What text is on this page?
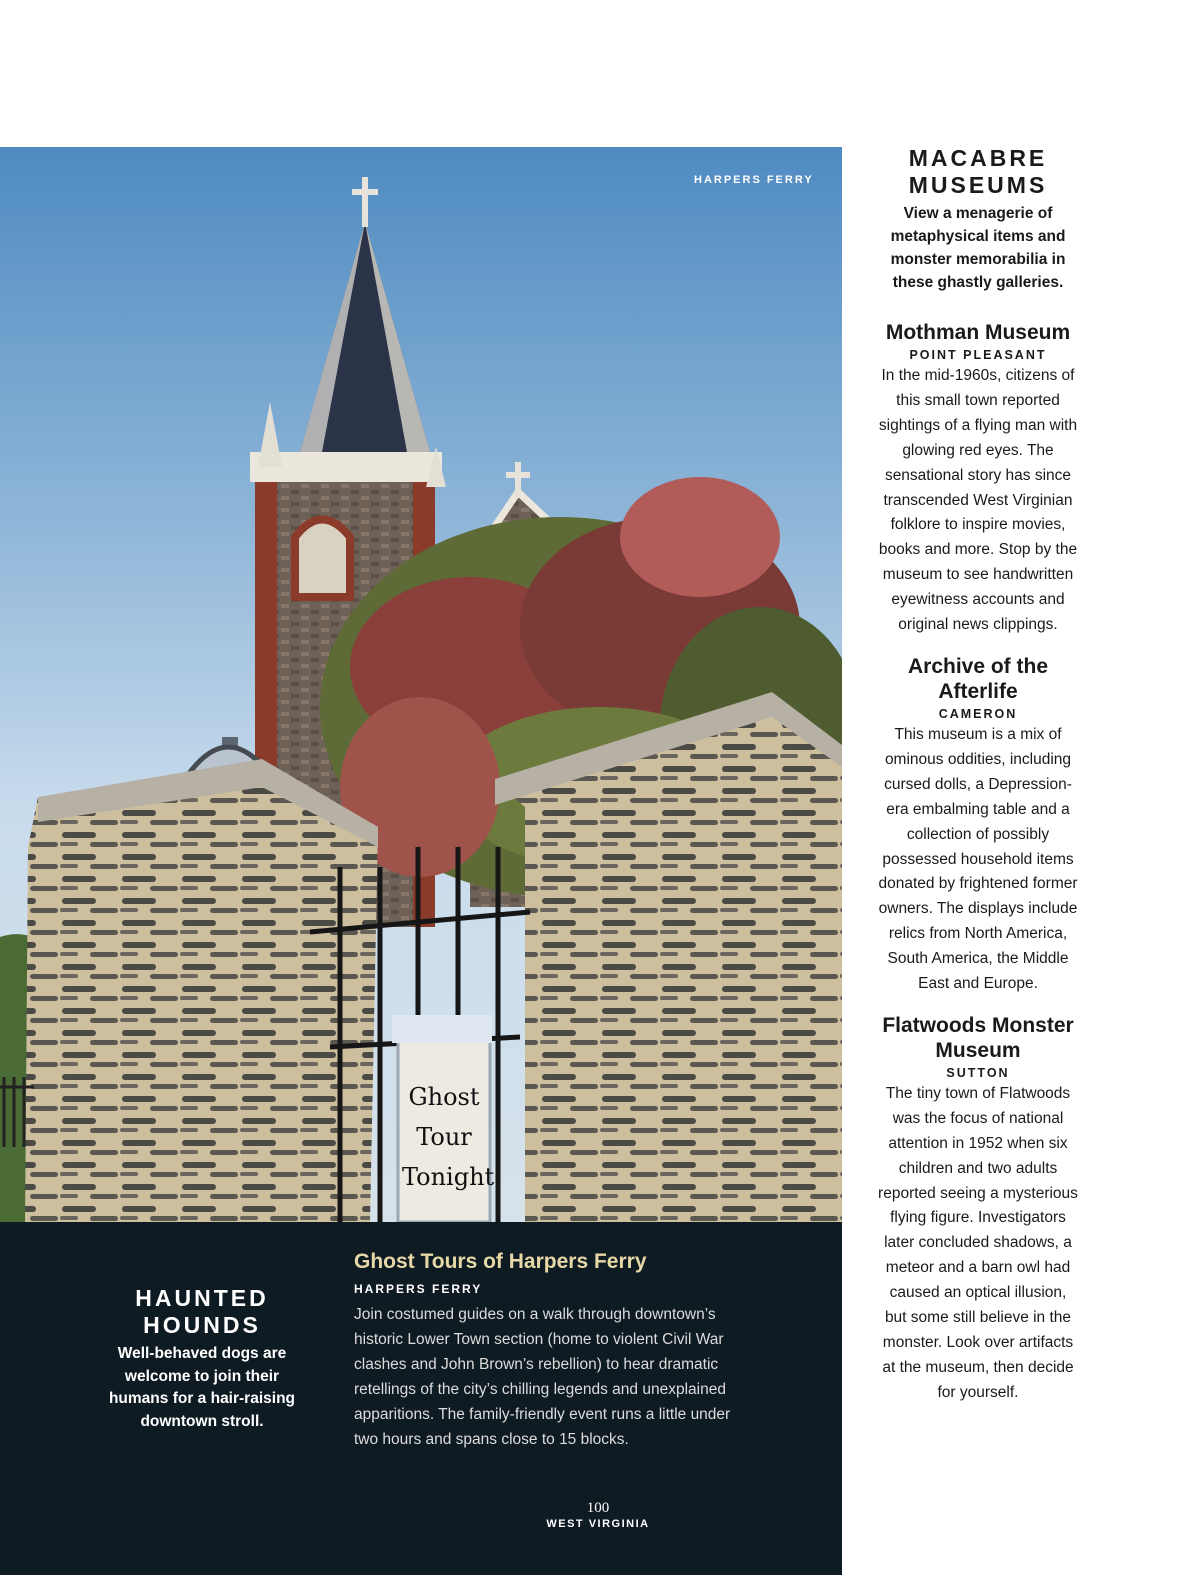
Ghost Tour Tonight
HARPERS FERRY
HAUNTED HOUNDS
Well-behaved dogs are welcome to join their humans for a hair-raising downtown stroll.
Ghost Tours of Harpers Ferry
HARPERS FERRY
Join costumed guides on a walk through downtown’s historic Lower Town section (home to violent Civil War clashes and John Brown’s rebellion) to hear dramatic retellings of the city’s chilling legends and unexplained apparitions. The family-friendly event runs a little under two hours and spans close to 15 blocks.
100
WEST VIRGINIA
MACABRE MUSEUMS
View a menagerie of metaphysical items and monster memorabilia in these ghastly galleries.
Mothman Museum
POINT PLEASANT
In the mid-1960s, citizens of this small town reported sightings of a flying man with glowing red eyes. The sensational story has since transcended West Virginian folklore to inspire movies, books and more. Stop by the museum to see handwritten eyewitness accounts and original news clippings.
Archive of the Afterlife
CAMERON
This museum is a mix of ominous oddities, including cursed dolls, a Depression-era embalming table and a collection of possibly possessed household items donated by frightened former owners. The displays include relics from North America, South America, the Middle East and Europe.
Flatwoods Monster Museum
SUTTON
The tiny town of Flatwoods was the focus of national attention in 1952 when six children and two adults reported seeing a mysterious flying figure. Investigators later concluded shadows, a meteor and a barn owl had caused an optical illusion, but some still believe in the monster. Look over artifacts at the museum, then decide for yourself.
